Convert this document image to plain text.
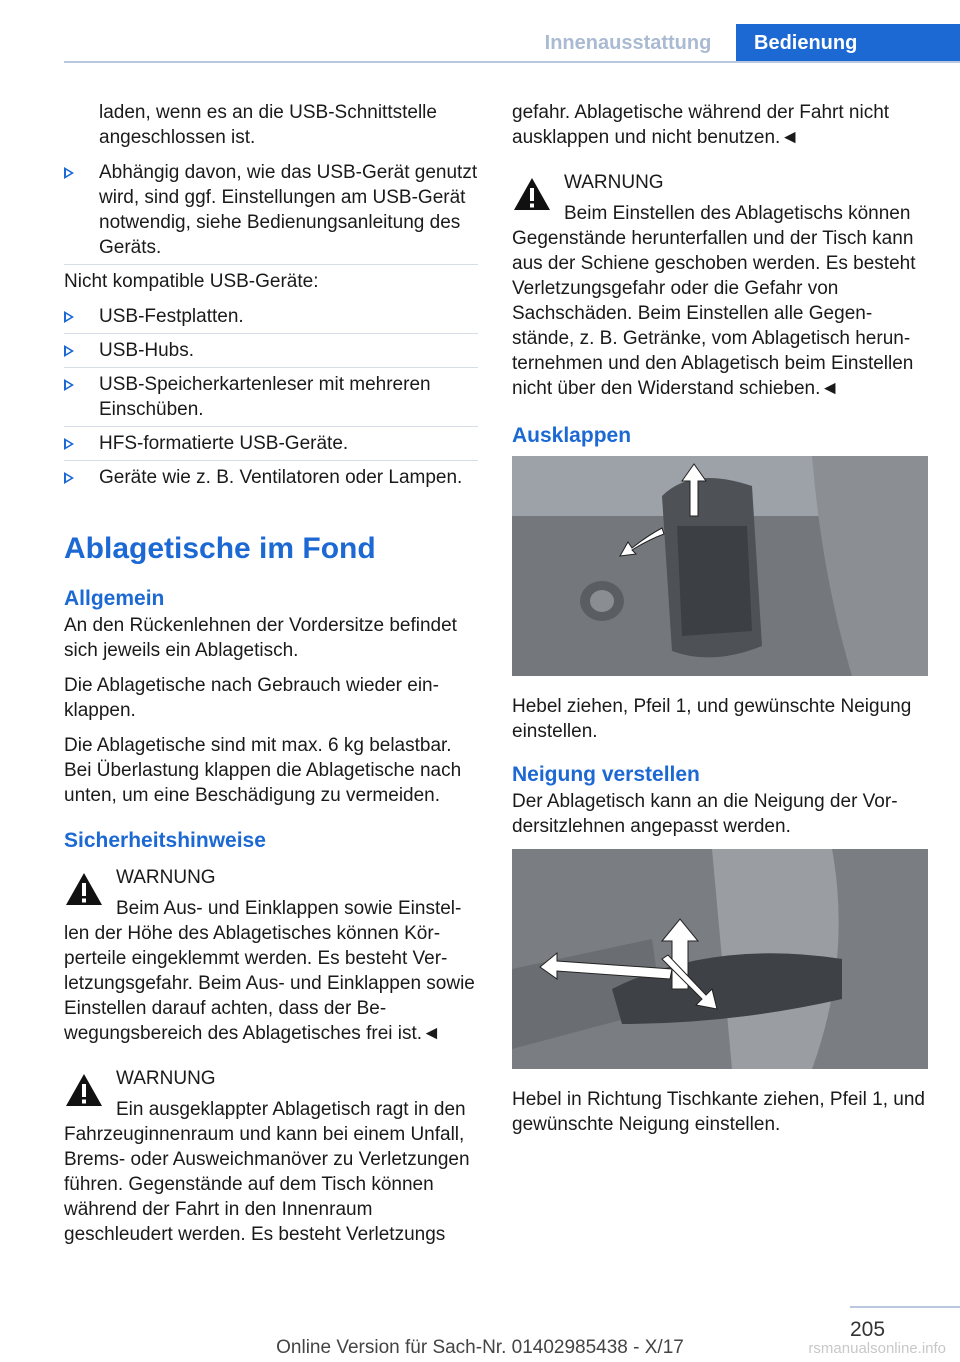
Innenausstattung	Bedienung

laden, wenn es an die USB-Schnittstelle angeschlossen ist.

Abhängig davon, wie das USB-Gerät genutzt wird, sind ggf. Einstellungen am USB-Gerät notwendig, siehe Bedienungsanleitung des Geräts.

Nicht kompatible USB-Geräte:

USB-Festplatten.
USB-Hubs.
USB-Speicherkartenleser mit mehreren Einschüben.
HFS-formatierte USB-Geräte.
Geräte wie z. B. Ventilatoren oder Lampen.
Ablagetische im Fond
Allgemein

An den Rückenlehnen der Vordersitze befindet sich jeweils ein Ablagetisch.

Die Ablagetische nach Gebrauch wieder einklappen.

Die Ablagetische sind mit max. 6 kg belastbar. Bei Überlastung klappen die Ablagetische nach unten, um eine Beschädigung zu vermeiden.

Sicherheitshinweise
WARNUNG
Beim Aus- und Einklappen sowie Einstellen der Höhe des Ablagetisches können Körperteile eingeklemmt werden. Es besteht Verletzungsgefahr. Beim Aus- und Einklappen sowie Einstellen darauf achten, dass der Bewegungsbereich des Ablagetisches frei ist.◄
WARNUNG
Ein ausgeklappter Ablagetisch ragt in den Fahrzeuginnenraum und kann bei einem Unfall, Brems- oder Ausweichmanöver zu Verletzungen führen. Gegenstände auf dem Tisch können während der Fahrt in den Innenraum geschleudert werden. Es besteht Verletzungs

gefahr. Ablagetische während der Fahrt nicht ausklappen und nicht benutzen.◄

WARNUNG
Beim Einstellen des Ablagetischs können Gegenstände herunterfallen und der Tisch kann aus der Schiene geschoben werden. Es besteht Verletzungsgefahr oder die Gefahr von Sachschäden. Beim Einstellen alle Gegenstände, z. B. Getränke, vom Ablagetisch herunternehmen und den Ablagetisch beim Einstellen nicht über den Widerstand schieben.◄
Ausklappen

Hebel ziehen, Pfeil 1, und gewünschte Neigung einstellen.

Neigung verstellen

Der Ablagetisch kann an die Neigung der Vordersitzlehnen angepasst werden.

Hebel in Richtung Tischkante ziehen, Pfeil 1, und gewünschte Neigung einstellen.

205
Online Version für Sach-Nr. 01402985438 - X/17	rsmanualsonline.info
